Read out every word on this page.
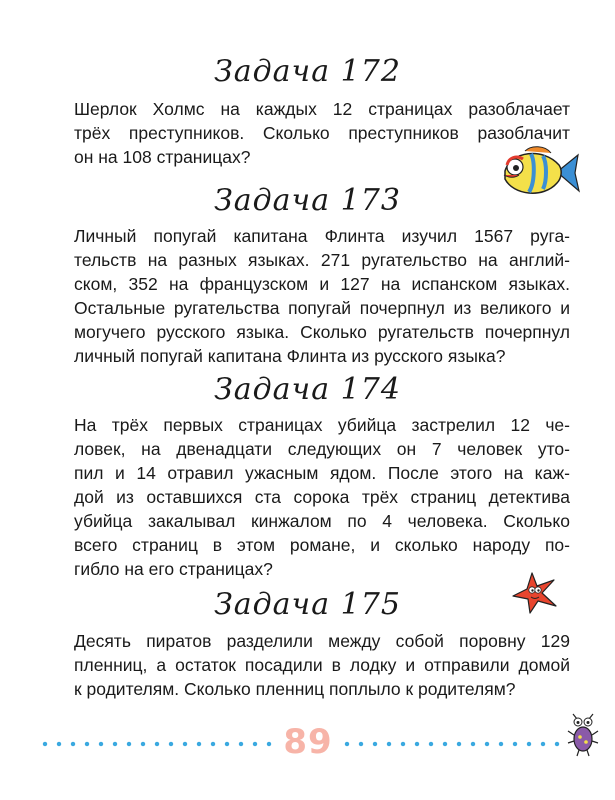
Задача 172

Шерлок Холмс на каждых 12 страницах разоблачает
трёх преступников. Сколько преступников разоблачит
он на 108 страницах?

Задача 173

Личный попугай капитана Флинта изучил 1567 руга-
тельств на разных языках. 271 ругательство на англий-
ском, 352 на французском и 127 на испанском языках.
Остальные ругательства попугай почерпнул из великого и
могучего русского языка. Сколько ругательств почерпнул
личный попугай капитана Флинта из русского языка?

Задача 174

На трёх первых страницах убийца застрелил 12 че-
ловек, на двенадцати следующих он 7 человек уто-
пил и 14 отравил ужасным ядом. После этого на каж-
дой из оставшихся ста сорока трёх страниц детектива
убийца закалывал кинжалом по 4 человека. Сколько
всего страниц в этом романе, и сколько народу по-
гибло на его страницах?

Задача 175

Десять пиратов разделили между собой поровну 129
пленниц, а остаток посадили в лодку и отправили домой
к родителям. Сколько пленниц поплыло к родителям?

89
